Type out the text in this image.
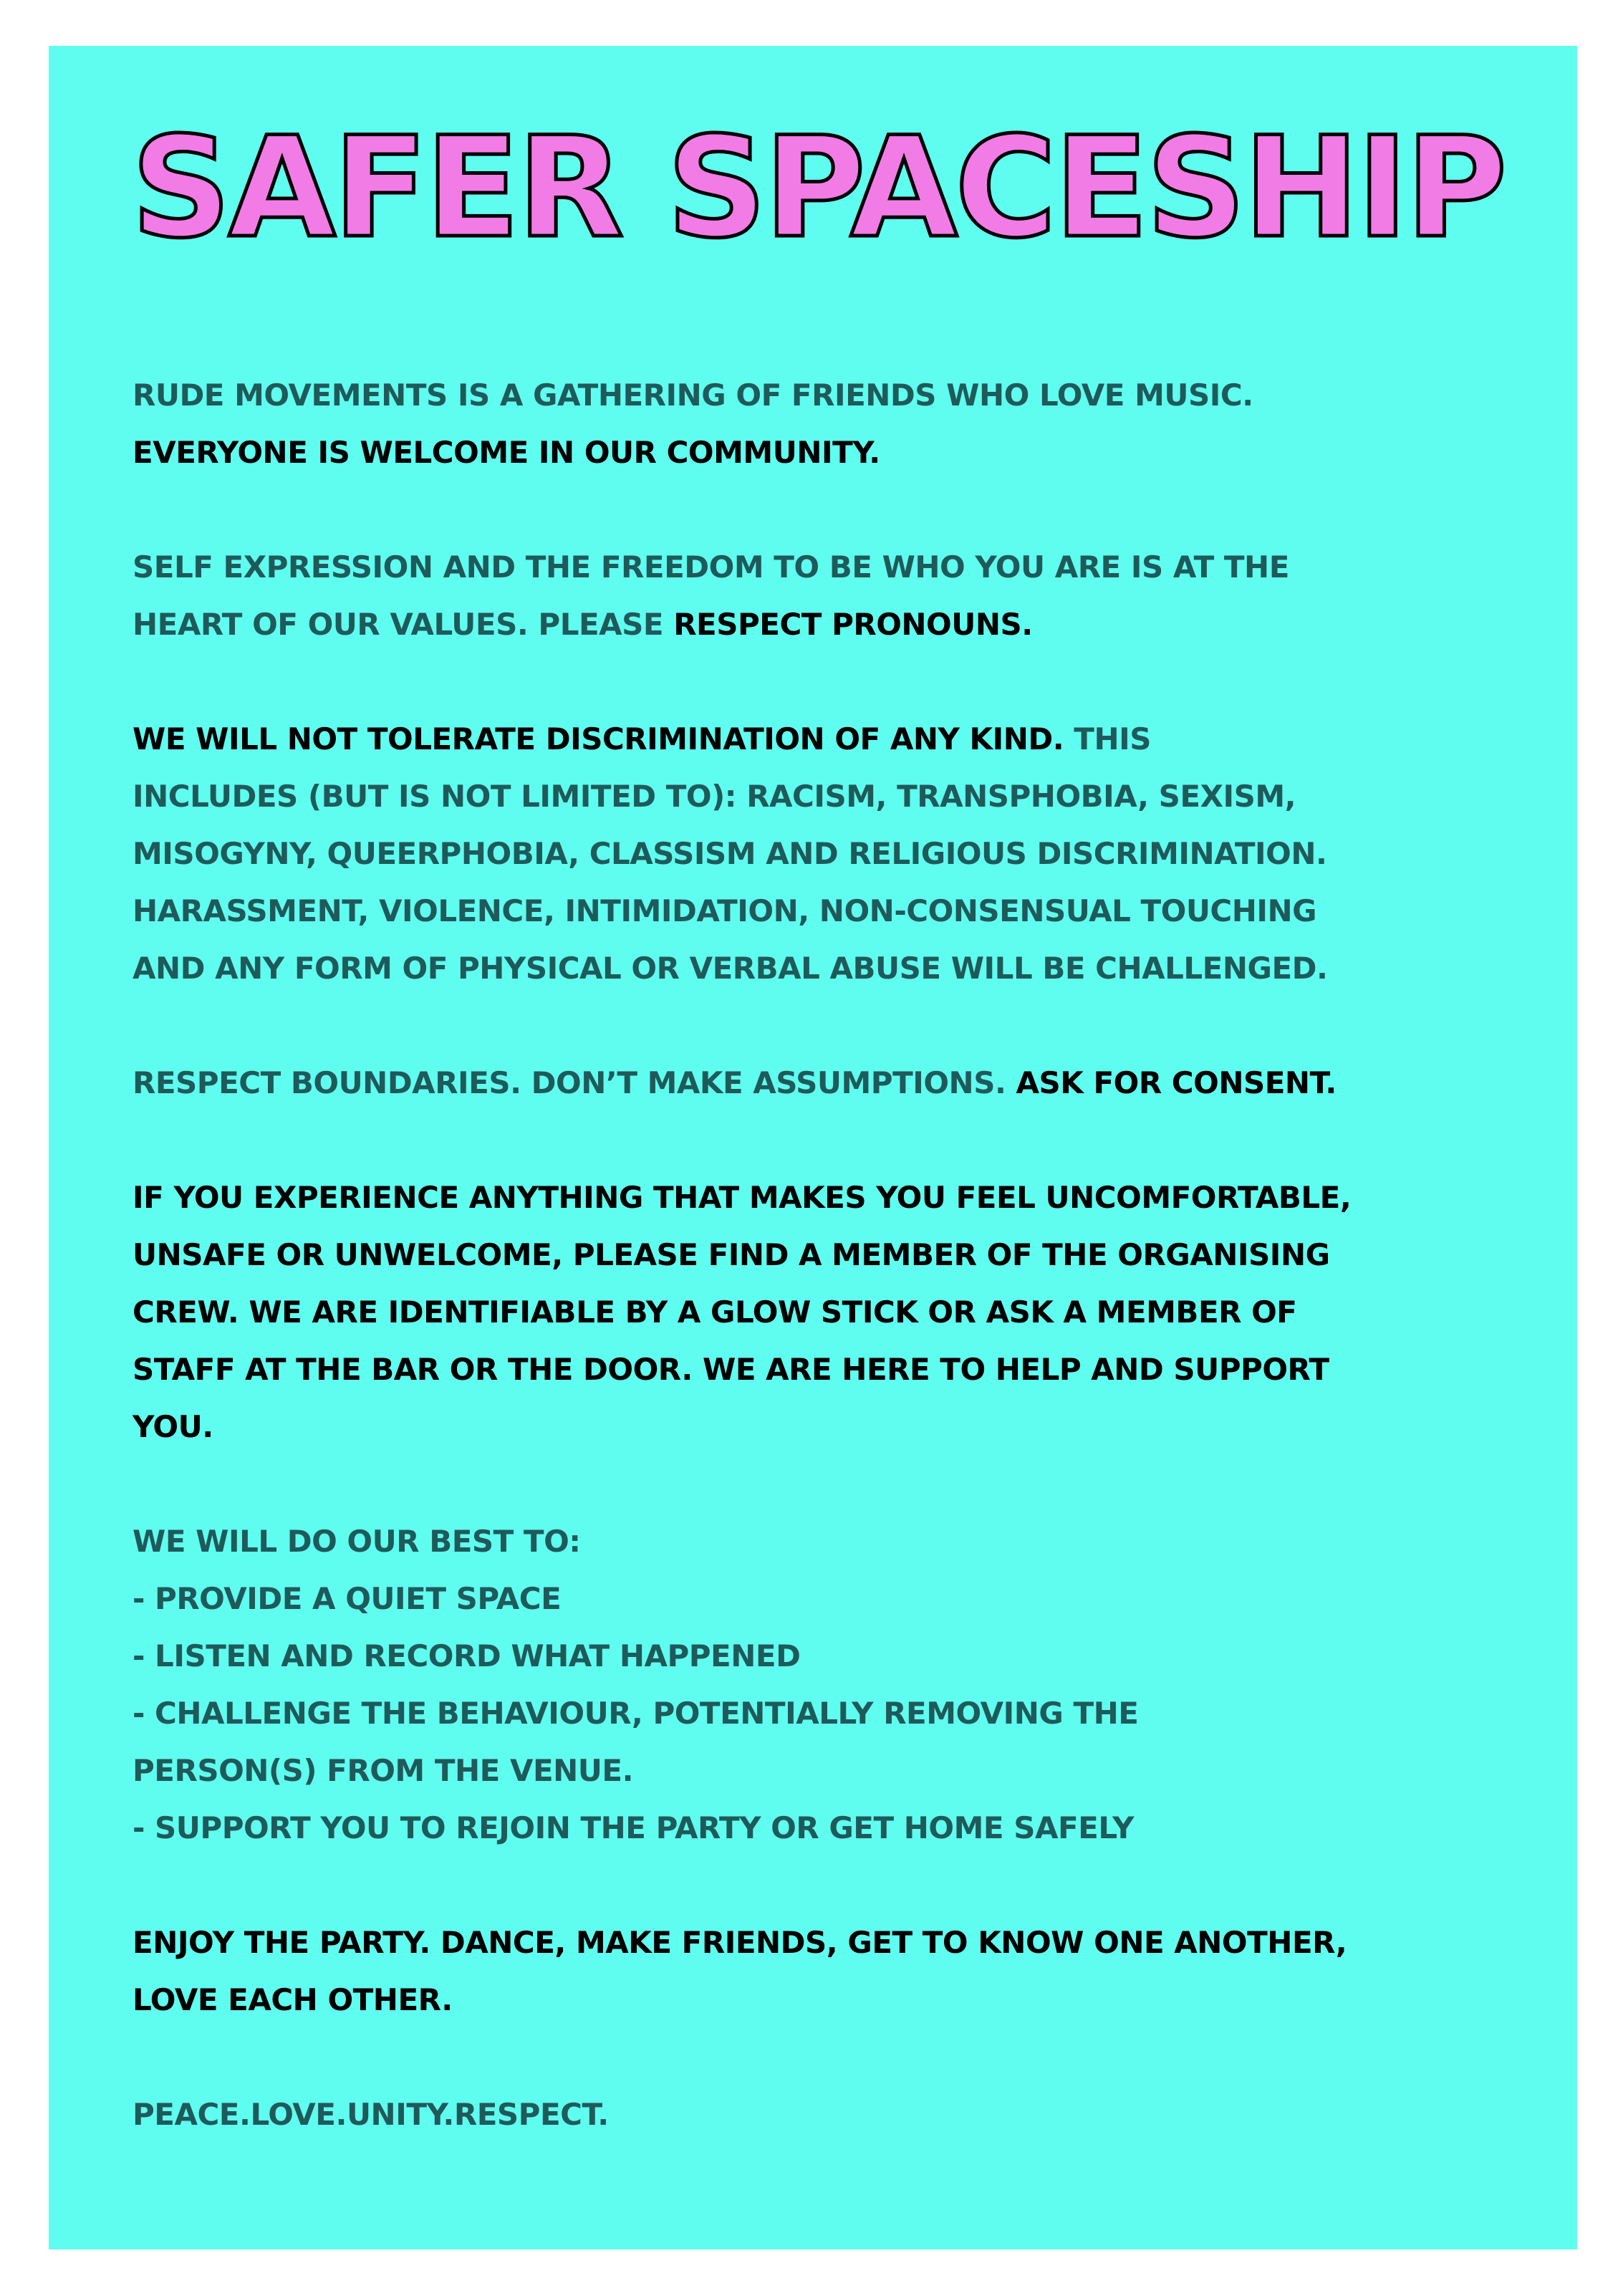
SAFER SPACESHIP

RUDE MOVEMENTS IS A GATHERING OF FRIENDS WHO LOVE MUSIC.

EVERYONE IS WELCOME IN OUR COMMUNITY.

SELF EXPRESSION AND THE FREEDOM TO BE WHO YOU ARE IS AT THE

HEART OF OUR VALUES. PLEASE RESPECT PRONOUNS.

WE WILL NOT TOLERATE DISCRIMINATION OF ANY KIND. THIS

INCLUDES (BUT IS NOT LIMITED TO): RACISM, TRANSPHOBIA, SEXISM,

MISOGYNY, QUEERPHOBIA, CLASSISM AND RELIGIOUS DISCRIMINATION.

HARASSMENT, VIOLENCE, INTIMIDATION, NON-CONSENSUAL TOUCHING

AND ANY FORM OF PHYSICAL OR VERBAL ABUSE WILL BE CHALLENGED.

RESPECT BOUNDARIES. DON’T MAKE ASSUMPTIONS. ASK FOR CONSENT.

IF YOU EXPERIENCE ANYTHING THAT MAKES YOU FEEL UNCOMFORTABLE,

UNSAFE OR UNWELCOME, PLEASE FIND A MEMBER OF THE ORGANISING

CREW. WE ARE IDENTIFIABLE BY A GLOW STICK OR ASK A MEMBER OF

STAFF AT THE BAR OR THE DOOR. WE ARE HERE TO HELP AND SUPPORT

YOU.

WE WILL DO OUR BEST TO:

- PROVIDE A QUIET SPACE

- LISTEN AND RECORD WHAT HAPPENED

- CHALLENGE THE BEHAVIOUR, POTENTIALLY REMOVING THE

PERSON(S) FROM THE VENUE.

- SUPPORT YOU TO REJOIN THE PARTY OR GET HOME SAFELY

ENJOY THE PARTY. DANCE, MAKE FRIENDS, GET TO KNOW ONE ANOTHER,

LOVE EACH OTHER.

PEACE.LOVE.UNITY.RESPECT.
